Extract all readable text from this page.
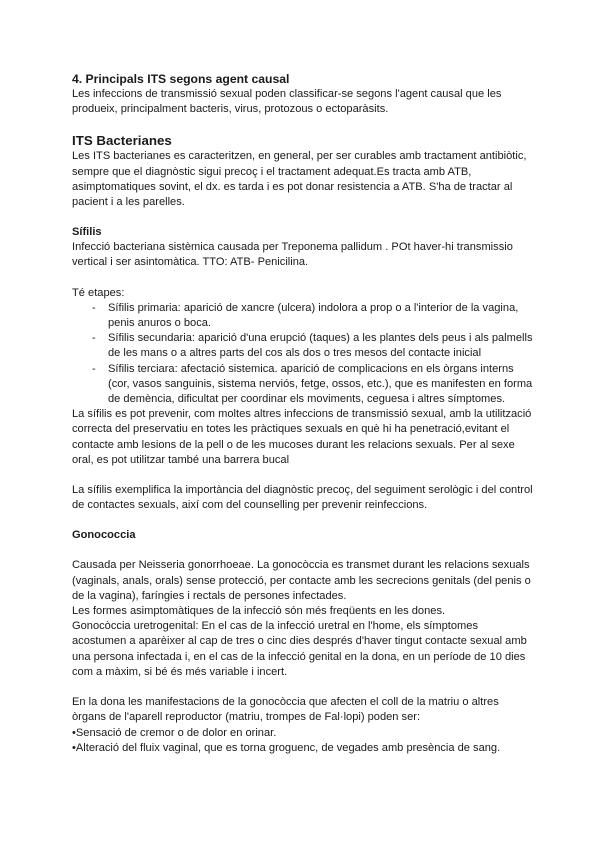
4. Principals ITS segons agent causal

Les infeccions de transmissió sexual poden classificar-se segons l'agent causal que les produeix, principalment bacteris, virus, protozous o ectoparàsits.

ITS Bacterianes

Les ITS bacterianes es caracteritzen, en general, per ser curables amb tractament antibiòtic, sempre que el diagnòstic sigui precoç i el tractament adequat.Es tracta amb ATB, asimptomatiques sovint, el dx. es tarda i es pot donar resistencia a ATB. S'ha de tractar al pacient i a les parelles.

Sífilis

Infecció bacteriana sistèmica causada per Treponema pallidum . POt haver-hi transmissio vertical i ser asintomàtica. TTO: ATB- Penicilina.

Té etapes:

- Sífilis primaria: aparició de xancre (ulcera) indolora a prop o a l'interior de la vagina, penis anuros o boca.
- Sífilis secundaria: aparició d'una erupció (taques) a les plantes dels peus i als palmells de les mans o a altres parts del cos als dos o tres mesos del contacte inicial
- Sífilis terciara: afectació sistemica. aparició de complicacions en els òrgans interns (cor, vasos sanguinis, sistema nerviós, fetge, ossos, etc.), que es manifesten en forma de demència, dificultat per coordinar els moviments, ceguesa i altres símptomes.

La sífilis es pot prevenir, com moltes altres infeccions de transmissió sexual, amb la utilització correcta del preservatiu en totes les pràctiques sexuals en què hi ha penetració,evitant el contacte amb lesions de la pell o de les mucoses durant les relacions sexuals. Per al sexe oral, es pot utilitzar també una barrera bucal

La sífilis exemplifica la importància del diagnòstic precoç, del seguiment serològic i del control de contactes sexuals, així com del counselling per prevenir reinfeccions.

Gonococcia

Causada per Neisseria gonorrhoeae. La gonocòccia es transmet durant les relacions sexuals (vaginals, anals, orals) sense protecció, per contacte amb les secrecions genitals (del penis o de la vagina), faríngies i rectals de persones infectades.

Les formes asimptomàtiques de la infecció són més freqüents en les dones.

Gonocòccia uretrogenital: En el cas de la infecció uretral en l'home, els símptomes acostumen a aparèixer al cap de tres o cinc dies després d'haver tingut contacte sexual amb una persona infectada i, en el cas de la infecció genital en la dona, en un període de 10 dies com a màxim, si bé és més variable i incert.

En la dona les manifestacions de la gonocòccia que afecten el coll de la matriu o altres òrgans de l'aparell reproductor (matriu, trompes de Fal·lopi) poden ser:

•Sensació de cremor o de dolor en orinar.

•Alteració del fluix vaginal, que es torna groguenc, de vegades amb presència de sang.
